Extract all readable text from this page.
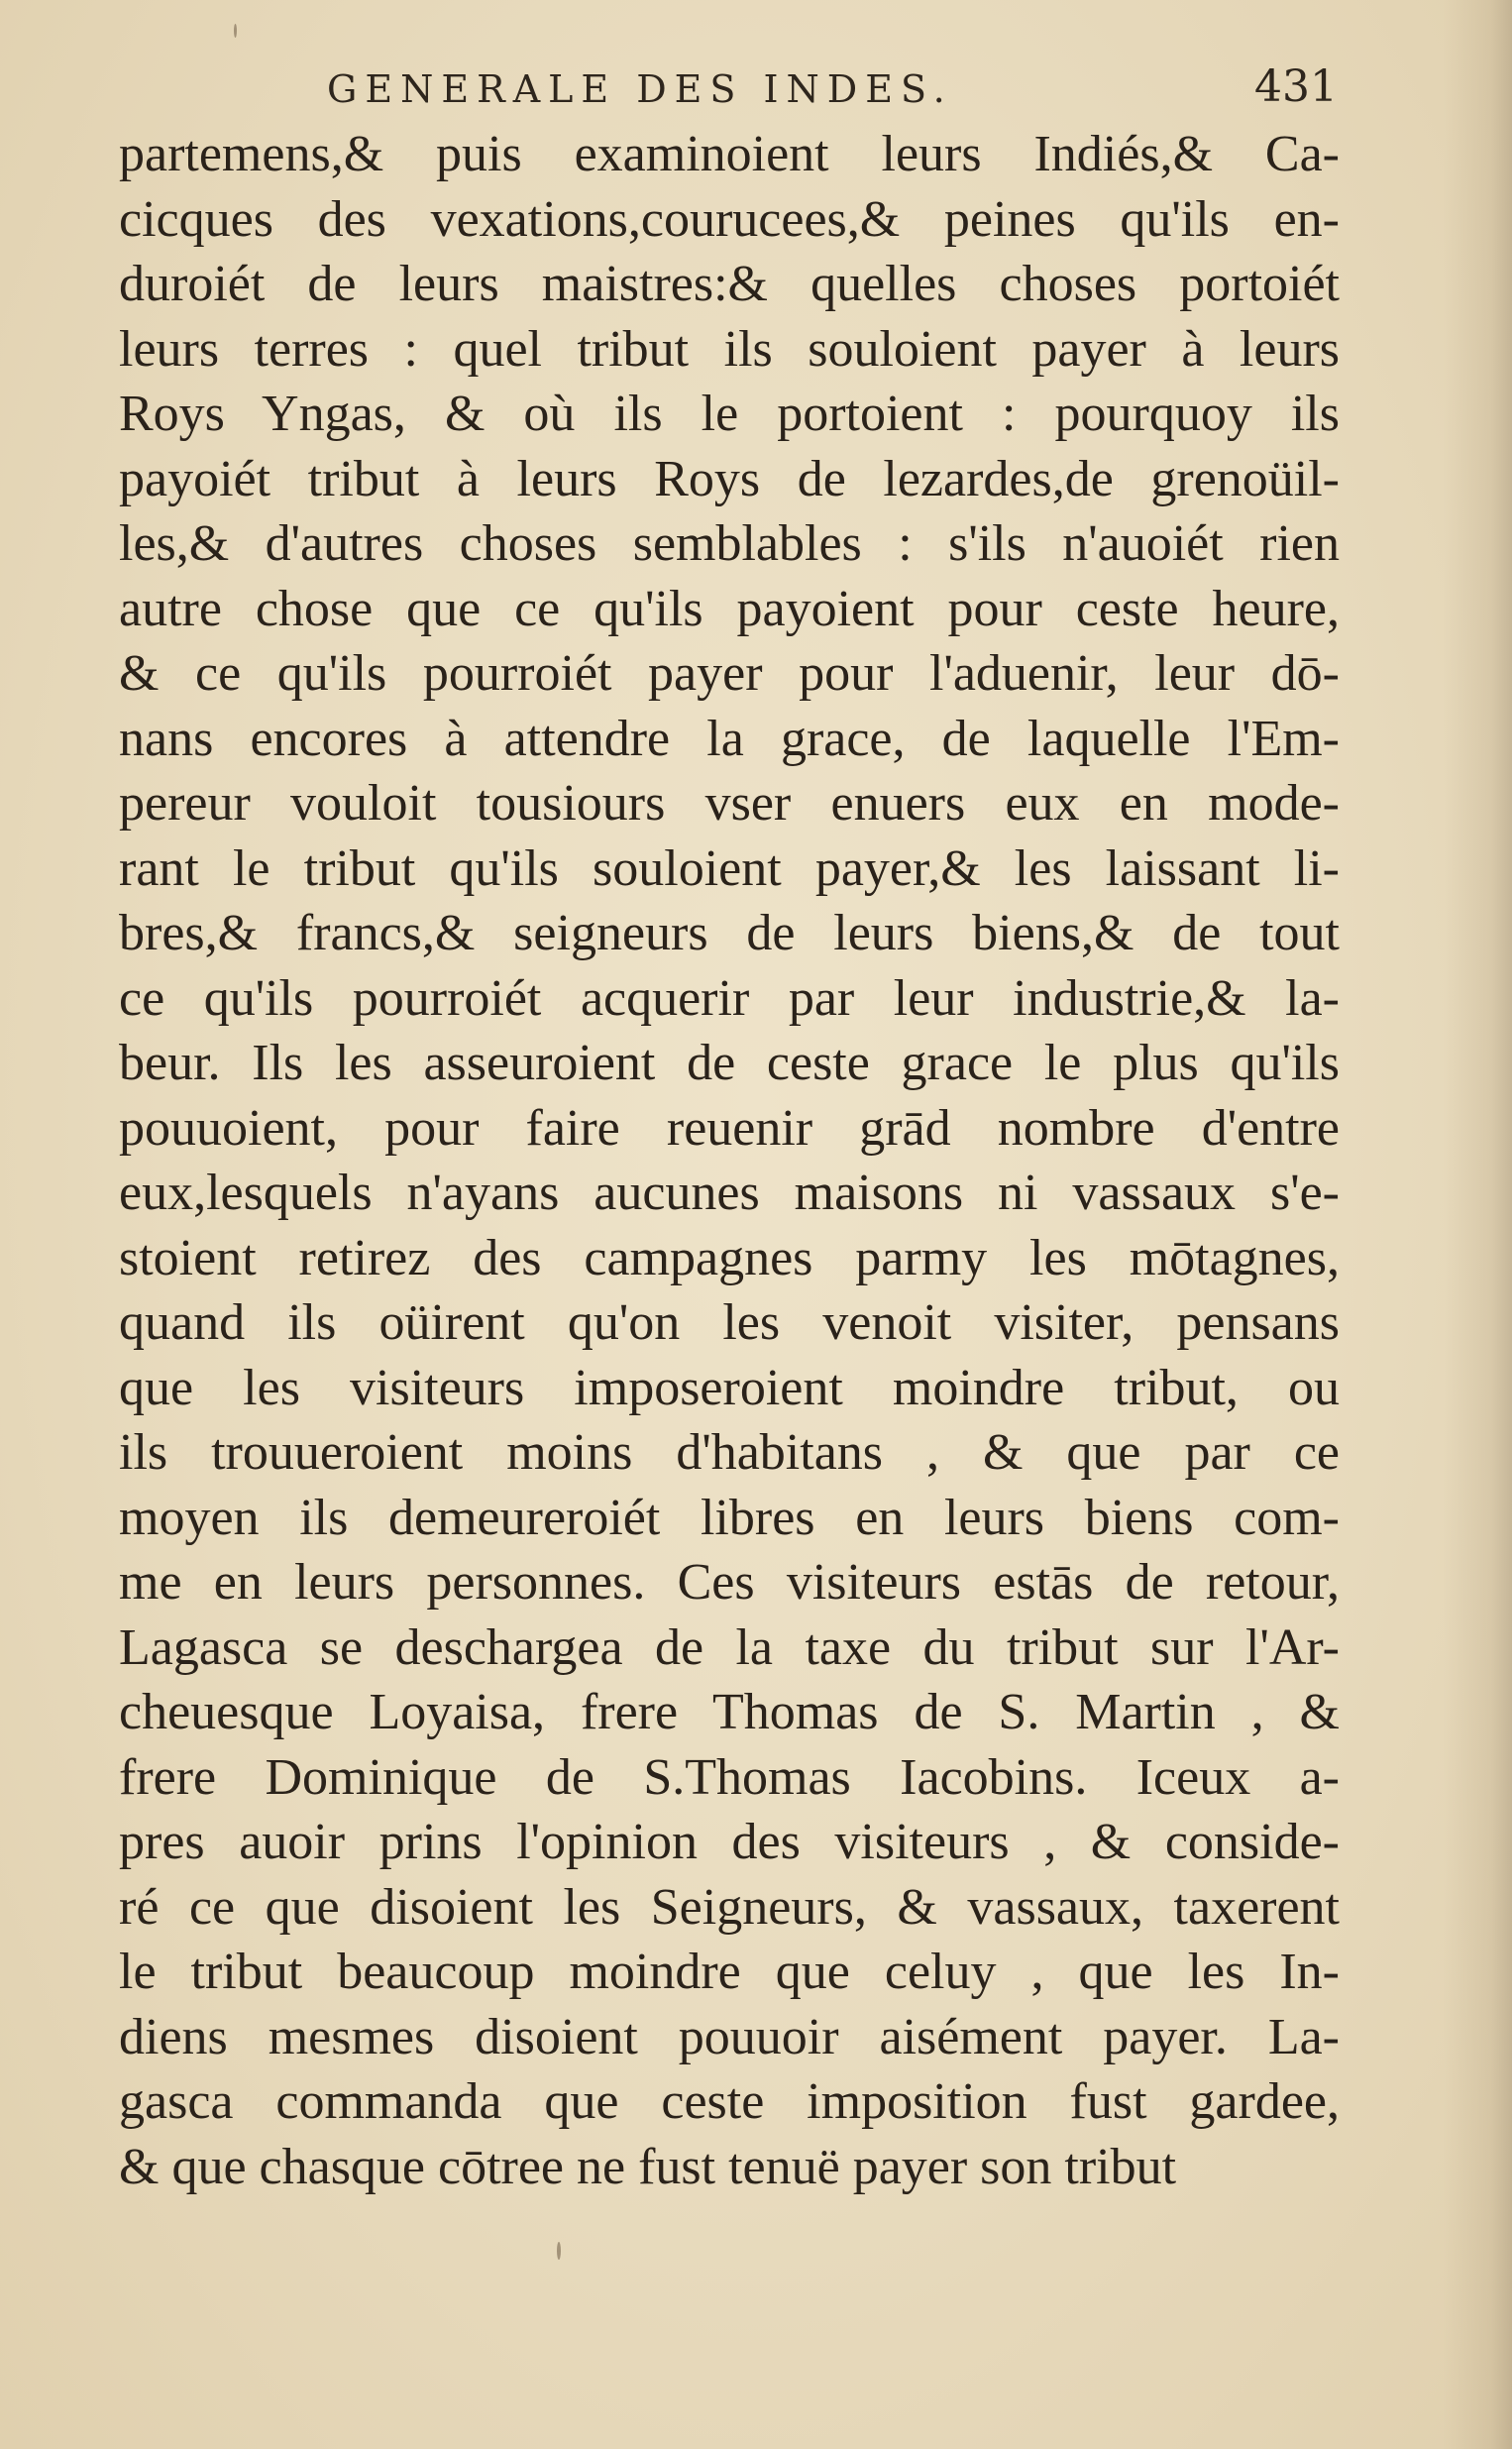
GENERALE DES INDES.	431
partemens,& puis examinoient leurs Indiés,& Ca-
cicques des vexations,courucees,& peines qu'ils en-
duroiét de leurs maistres:& quelles choses portoiét
leurs terres : quel tribut ils souloient payer à leurs
Roys Yngas, & où ils le portoient : pourquoy ils
payoiét tribut à leurs Roys de lezardes,de grenoüil-
les,& d'autres choses semblables : s'ils n'auoiét rien
autre chose que ce qu'ils payoient pour ceste heure,
& ce qu'ils pourroiét payer pour l'aduenir, leur dō-
nans encores à attendre la grace, de laquelle l'Em-
pereur vouloit tousiours vser enuers eux en mode-
rant le tribut qu'ils souloient payer,& les laissant li-
bres,& francs,& seigneurs de leurs biens,& de tout
ce qu'ils pourroiét acquerir par leur industrie,& la-
beur. Ils les asseuroient de ceste grace le plus qu'ils
pouuoient, pour faire reuenir grād nombre d'entre
eux,lesquels n'ayans aucunes maisons ni vassaux s'e-
stoient retirez des campagnes parmy les mōtagnes,
quand ils oüirent qu'on les venoit visiter, pensans
que les visiteurs imposeroient moindre tribut, ou
ils trouueroient moins d'habitans , & que par ce
moyen ils demeureroiét libres en leurs biens com-
me en leurs personnes. Ces visiteurs estās de retour,
Lagasca se deschargea de la taxe du tribut sur l'Ar-
cheuesque Loyaisa, frere Thomas de S. Martin , &
frere Dominique de S.Thomas Iacobins. Iceux a-
pres auoir prins l'opinion des visiteurs , & conside-
ré ce que disoient les Seigneurs, & vassaux, taxerent
le tribut beaucoup moindre que celuy , que les In-
diens mesmes disoient pouuoir aisément payer. La-
gasca commanda que ceste imposition fust gardee,
& que chasque cōtree ne fust tenuë payer son tribut
